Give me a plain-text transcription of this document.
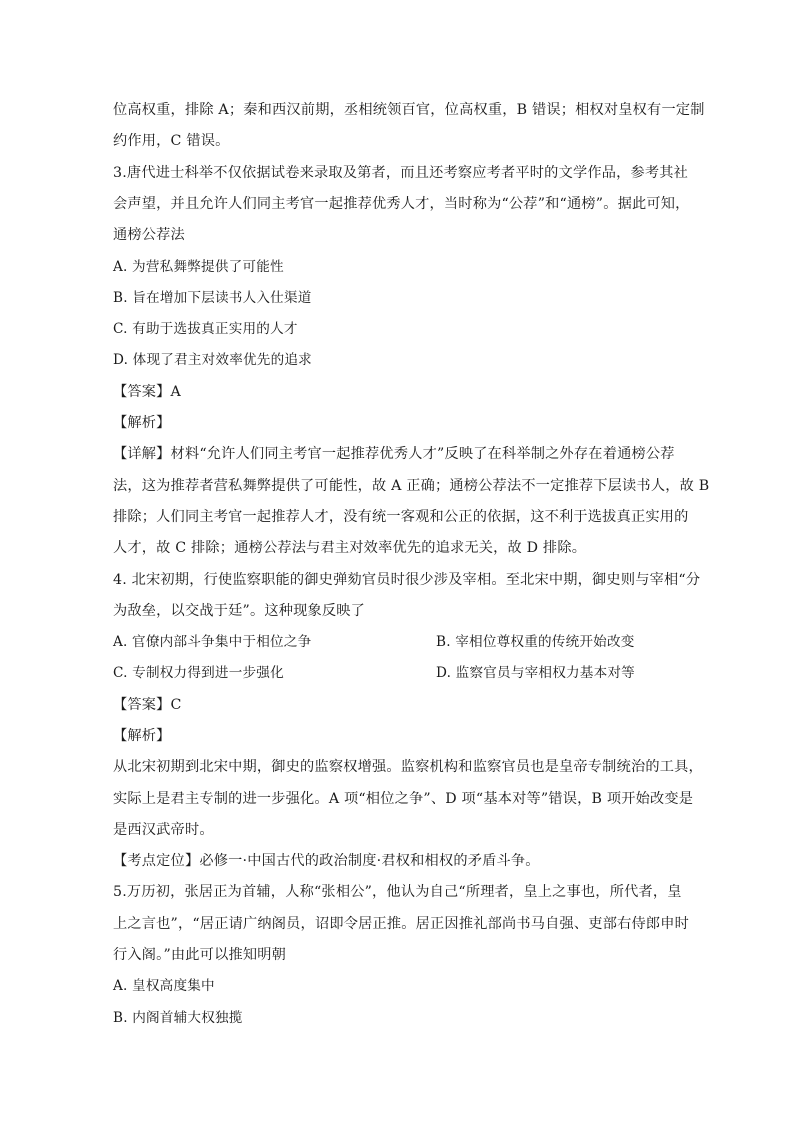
位高权重，排除 A；秦和西汉前期，丞相统领百官，位高权重，B 错误；相权对皇权有一定制
约作用，C 错误。
3.唐代进士科举不仅依据试卷来录取及第者，而且还考察应考者平时的文学作品，参考其社
会声望，并且允许人们同主考官一起推荐优秀人才，当时称为“公荐”和“通榜”。据此可知，
通榜公荐法
A. 为营私舞弊提供了可能性
B. 旨在增加下层读书人入仕渠道
C. 有助于选拔真正实用的人才
D. 体现了君主对效率优先的追求
【答案】A
【解析】
【详解】材料“允许人们同主考官一起推荐优秀人才”反映了在科举制之外存在着通榜公荐
法，这为推荐者营私舞弊提供了可能性，故 A 正确；通榜公荐法不一定推荐下层读书人，故 B
排除；人们同主考官一起推荐人才，没有统一客观和公正的依据，这不利于选拔真正实用的
人才，故 C 排除；通榜公荐法与君主对效率优先的追求无关，故 D 排除。
4. 北宋初期，行使监察职能的御史弹劾官员时很少涉及宰相。至北宋中期，御史则与宰相“分
为敌垒，以交战于廷”。这种现象反映了
A. 官僚内部斗争集中于相位之争	B. 宰相位尊权重的传统开始改变
C. 专制权力得到进一步强化	D. 监察官员与宰相权力基本对等
【答案】C
【解析】
从北宋初期到北宋中期，御史的监察权增强。监察机构和监察官员也是皇帝专制统治的工具，
实际上是君主专制的进一步强化。A 项“相位之争”、D 项“基本对等”错误，B 项开始改变是
是西汉武帝时。
【考点定位】必修一·中国古代的政治制度·君权和相权的矛盾斗争。
5.万历初，张居正为首辅，人称“张相公”，他认为自己“所理者，皇上之事也，所代者，皇
上之言也”，“居正请广纳阁员，诏即令居正推。居正因推礼部尚书马自强、吏部右侍郎申时
行入阁。”由此可以推知明朝
A. 皇权高度集中
B. 内阁首辅大权独揽
